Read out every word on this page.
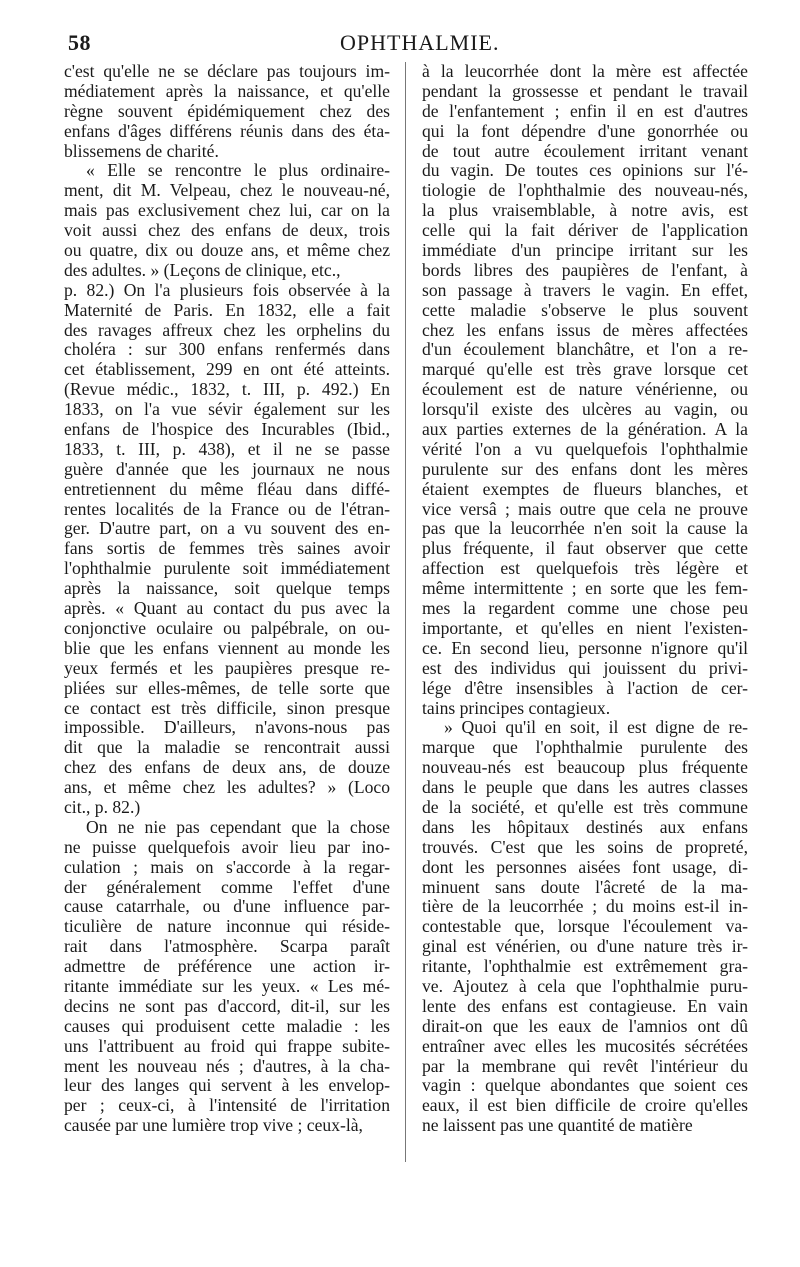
58	OPHTHALMIE.
c'est qu'elle ne se déclare pas toujours im-
médiatement après la naissance, et qu'elle
règne souvent épidémiquement chez des
enfans d'âges différens réunis dans des éta-
blissemens de charité.
« Elle se rencontre le plus ordinaire-
ment, dit M. Velpeau, chez le nouveau-né,
mais pas exclusivement chez lui, car on la
voit aussi chez des enfans de deux, trois
ou quatre, dix ou douze ans, et même chez
des adultes. » (Leçons de clinique, etc.,
p. 82.) On l'a plusieurs fois observée à la
Maternité de Paris. En 1832, elle a fait
des ravages affreux chez les orphelins du
choléra : sur 300 enfans renfermés dans
cet établissement, 299 en ont été atteints.
(Revue médic., 1832, t. III, p. 492.) En
1833, on l'a vue sévir également sur les
enfans de l'hospice des Incurables (Ibid.,
1833, t. III, p. 438), et il ne se passe
guère d'année que les journaux ne nous
entretiennent du même fléau dans diffé-
rentes localités de la France ou de l'étran-
ger. D'autre part, on a vu souvent des en-
fans sortis de femmes très saines avoir
l'ophthalmie purulente soit immédiatement
après la naissance, soit quelque temps
après. « Quant au contact du pus avec la
conjonctive oculaire ou palpébrale, on ou-
blie que les enfans viennent au monde les
yeux fermés et les paupières presque re-
pliées sur elles-mêmes, de telle sorte que
ce contact est très difficile, sinon presque
impossible. D'ailleurs, n'avons-nous pas
dit que la maladie se rencontrait aussi
chez des enfans de deux ans, de douze
ans, et même chez les adultes? » (Loco
cit., p. 82.)
On ne nie pas cependant que la chose
ne puisse quelquefois avoir lieu par ino-
culation ; mais on s'accorde à la regar-
der généralement comme l'effet d'une
cause catarrhale, ou d'une influence par-
ticulière de nature inconnue qui réside-
rait dans l'atmosphère. Scarpa paraît
admettre de préférence une action ir-
ritante immédiate sur les yeux. « Les mé-
decins ne sont pas d'accord, dit-il, sur les
causes qui produisent cette maladie : les
uns l'attribuent au froid qui frappe subite-
ment les nouveau nés ; d'autres, à la cha-
leur des langes qui servent à les envelop-
per ; ceux-ci, à l'intensité de l'irritation
causée par une lumière trop vive ; ceux-là,
à la leucorrhée dont la mère est affectée
pendant la grossesse et pendant le travail
de l'enfantement ; enfin il en est d'autres
qui la font dépendre d'une gonorrhée ou
de tout autre écoulement irritant venant
du vagin. De toutes ces opinions sur l'é-
tiologie de l'ophthalmie des nouveau-nés,
la plus vraisemblable, à notre avis, est
celle qui la fait dériver de l'application
immédiate d'un principe irritant sur les
bords libres des paupières de l'enfant, à
son passage à travers le vagin. En effet,
cette maladie s'observe le plus souvent
chez les enfans issus de mères affectées
d'un écoulement blanchâtre, et l'on a re-
marqué qu'elle est très grave lorsque cet
écoulement est de nature vénérienne, ou
lorsqu'il existe des ulcères au vagin, ou
aux parties externes de la génération. A la
vérité l'on a vu quelquefois l'ophthalmie
purulente sur des enfans dont les mères
étaient exemptes de flueurs blanches, et
vice versâ ; mais outre que cela ne prouve
pas que la leucorrhée n'en soit la cause la
plus fréquente, il faut observer que cette
affection est quelquefois très légère et
même intermittente ; en sorte que les fem-
mes la regardent comme une chose peu
importante, et qu'elles en nient l'existen-
ce. En second lieu, personne n'ignore qu'il
est des individus qui jouissent du privi-
lége d'être insensibles à l'action de cer-
tains principes contagieux.
» Quoi qu'il en soit, il est digne de re-
marque que l'ophthalmie purulente des
nouveau-nés est beaucoup plus fréquente
dans le peuple que dans les autres classes
de la société, et qu'elle est très commune
dans les hôpitaux destinés aux enfans
trouvés. C'est que les soins de propreté,
dont les personnes aisées font usage, di-
minuent sans doute l'âcreté de la ma-
tière de la leucorrhée ; du moins est-il in-
contestable que, lorsque l'écoulement va-
ginal est vénérien, ou d'une nature très ir-
ritante, l'ophthalmie est extrêmement gra-
ve. Ajoutez à cela que l'ophthalmie puru-
lente des enfans est contagieuse. En vain
dirait-on que les eaux de l'amnios ont dû
entraîner avec elles les mucosités sécrétées
par la membrane qui revêt l'intérieur du
vagin : quelque abondantes que soient ces
eaux, il est bien difficile de croire qu'elles
ne laissent pas une quantité de matière
